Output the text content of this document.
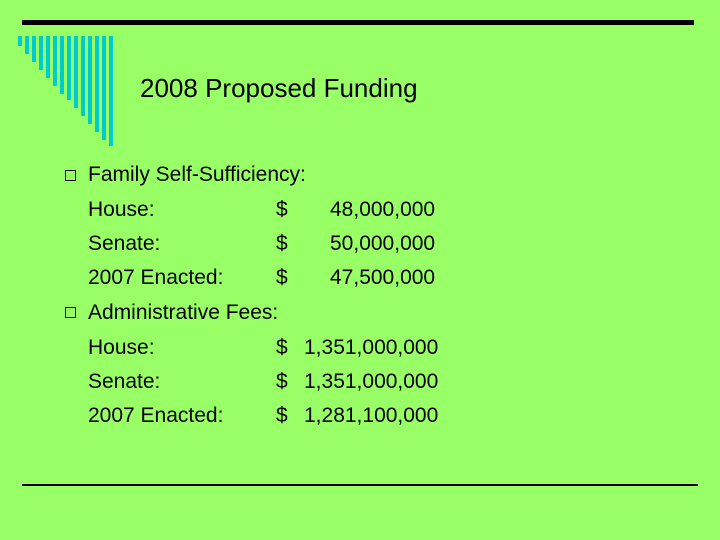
2008 Proposed Funding
Family Self-Sufficiency:
House:	$ 48,000,000
Senate:	$ 50,000,000
2007 Enacted:	$ 47,500,000
Administrative Fees:
House:	$ 1,351,000,000
Senate:	$ 1,351,000,000
2007 Enacted:	$ 1,281,100,000
